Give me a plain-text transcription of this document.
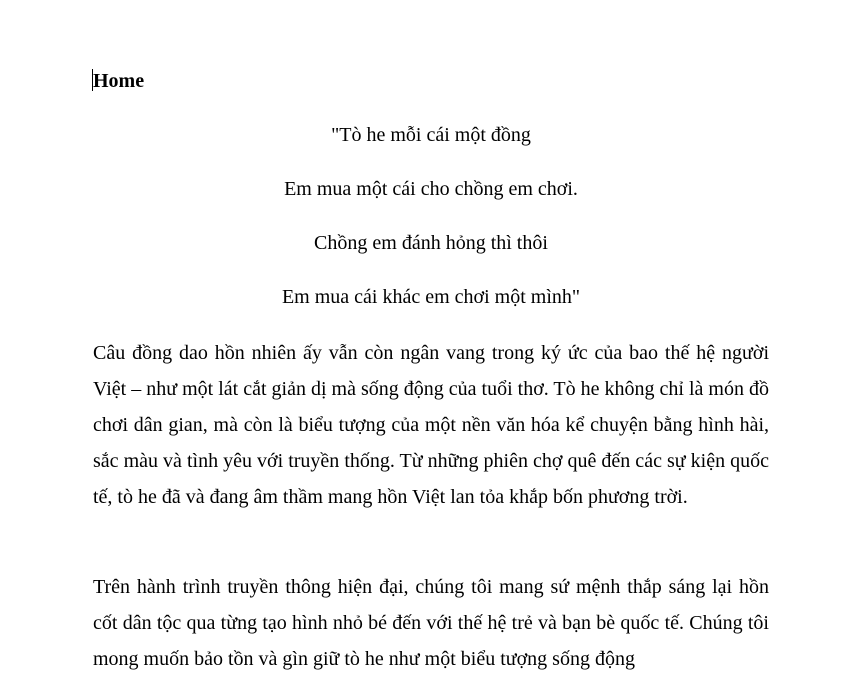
Home
"Tò he mỗi cái một đồng
Em mua một cái cho chồng em chơi.
Chồng em đánh hỏng thì thôi
Em mua cái khác em chơi một mình"

Câu đồng dao hồn nhiên ấy vẫn còn ngân vang trong ký ức của bao thế hệ người Việt – như một lát cắt giản dị mà sống động của tuổi thơ. Tò he không chỉ là món đồ chơi dân gian, mà còn là biểu tượng của một nền văn hóa kể chuyện bằng hình hài, sắc màu và tình yêu với truyền thống. Từ những phiên chợ quê đến các sự kiện quốc tế, tò he đã và đang âm thầm mang hồn Việt lan tỏa khắp bốn phương trời.

Trên hành trình truyền thông hiện đại, chúng tôi mang sứ mệnh thắp sáng lại hồn cốt dân tộc qua từng tạo hình nhỏ bé đến với thế hệ trẻ và bạn bè quốc tế. Chúng tôi mong muốn bảo tồn và gìn giữ tò he như một biểu tượng sống động
